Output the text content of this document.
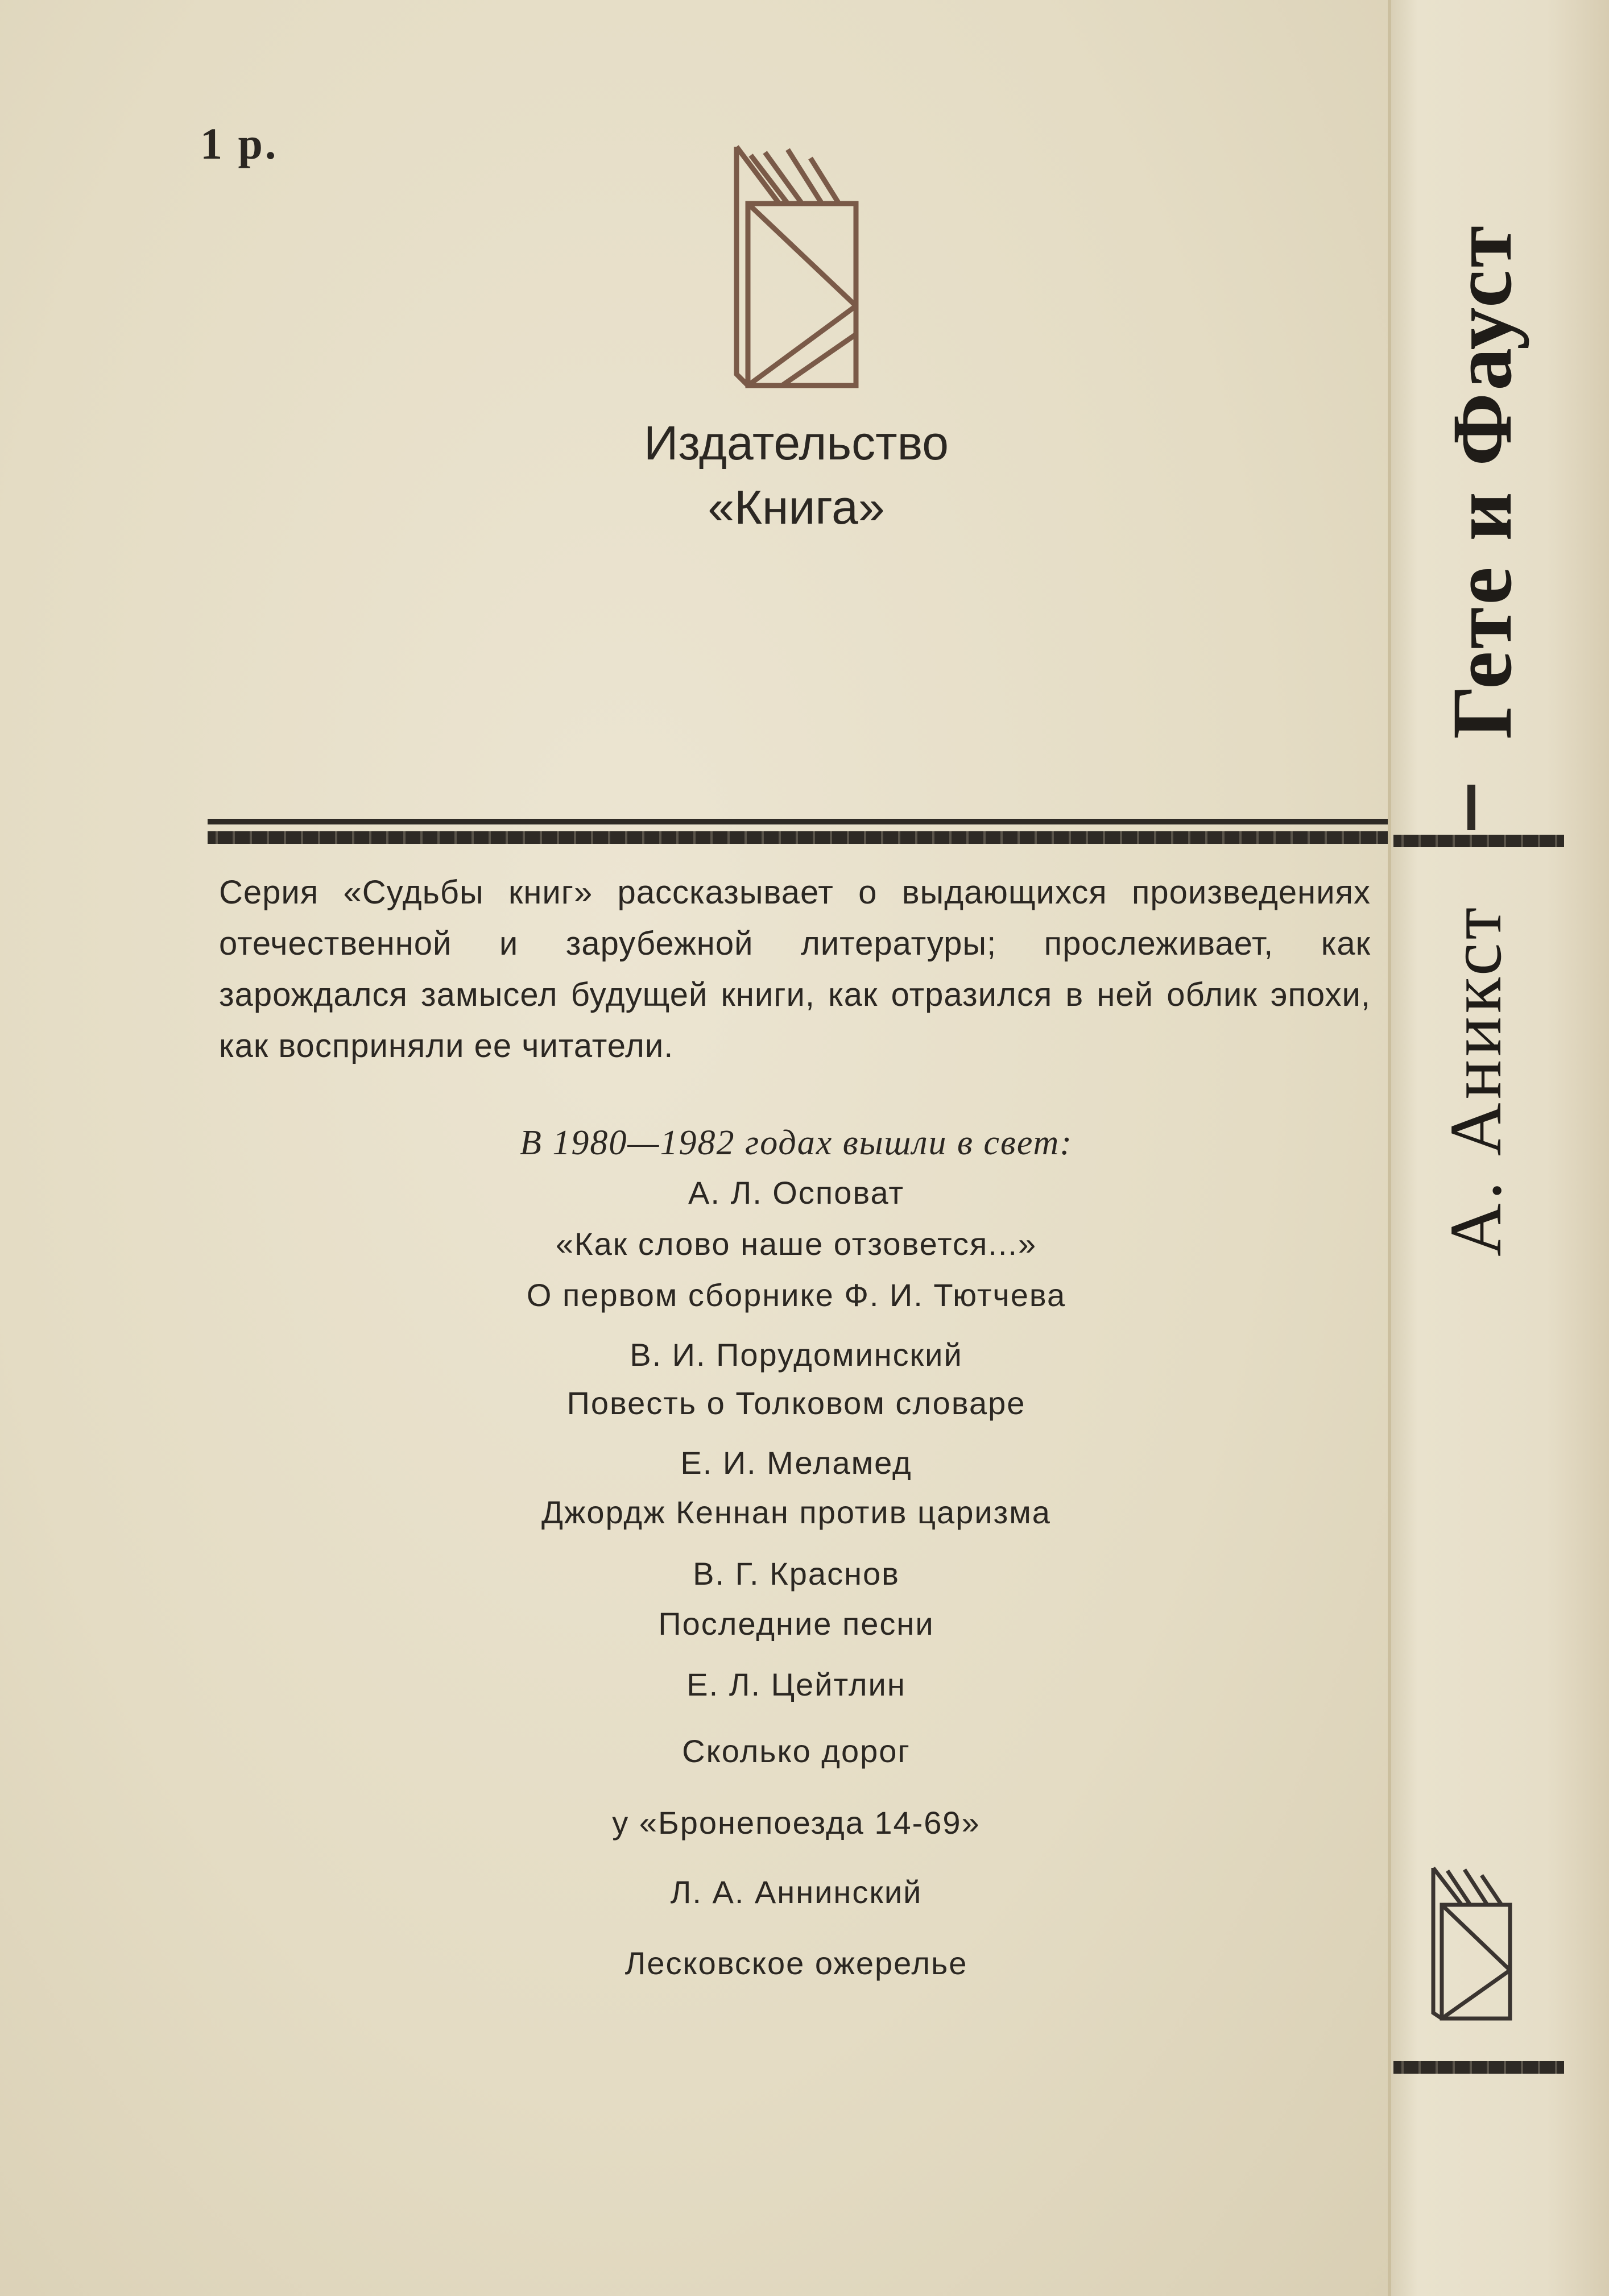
1 р.
Издательство
«Книга»
Серия «Судьбы книг» рассказывает о выдающихся произведениях отечественной и зарубежной литературы; прослеживает, как зарождался замысел будущей книги, как отразился в ней облик эпохи, как восприняли ее читатели.
В 1980—1982 годах вышли в свет:
А. Л. Осповат
«Как слово наше отзовется...»
О первом сборнике Ф. И. Тютчева
В. И. Порудоминский
Повесть о Толковом словаре
Е. И. Меламед
Джордж Кеннан против царизма
В. Г. Краснов
Последние песни
Е. Л. Цейтлин
Сколько дорог
у «Бронепоезда 14-69»
Л. А. Аннинский
Лесковское ожерелье
Гете и Фауст
А. Аникст
